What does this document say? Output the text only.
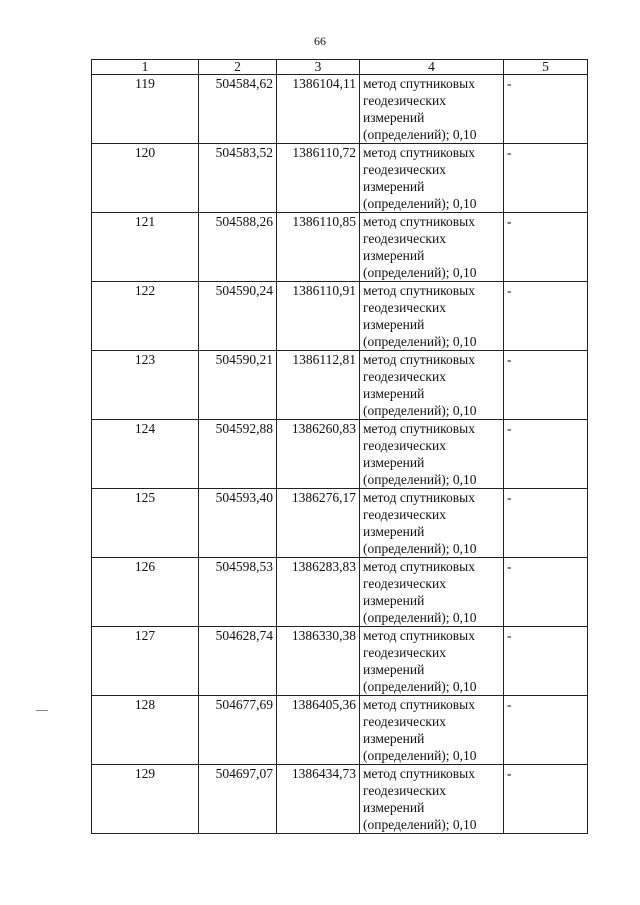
66
1	2	3	4	5
119	504584,62	1386104,11	метод спутниковых геодезических измерений (определений); 0,10	-
120	504583,52	1386110,72	метод спутниковых геодезических измерений (определений); 0,10	-
121	504588,26	1386110,85	метод спутниковых геодезических измерений (определений); 0,10	-
122	504590,24	1386110,91	метод спутниковых геодезических измерений (определений); 0,10	-
123	504590,21	1386112,81	метод спутниковых геодезических измерений (определений); 0,10	-
124	504592,88	1386260,83	метод спутниковых геодезических измерений (определений); 0,10	-
125	504593,40	1386276,17	метод спутниковых геодезических измерений (определений); 0,10	-
126	504598,53	1386283,83	метод спутниковых геодезических измерений (определений); 0,10	-
127	504628,74	1386330,38	метод спутниковых геодезических измерений (определений); 0,10	-
128	504677,69	1386405,36	метод спутниковых геодезических измерений (определений); 0,10	-
129	504697,07	1386434,73	метод спутниковых геодезических измерений (определений); 0,10	-
